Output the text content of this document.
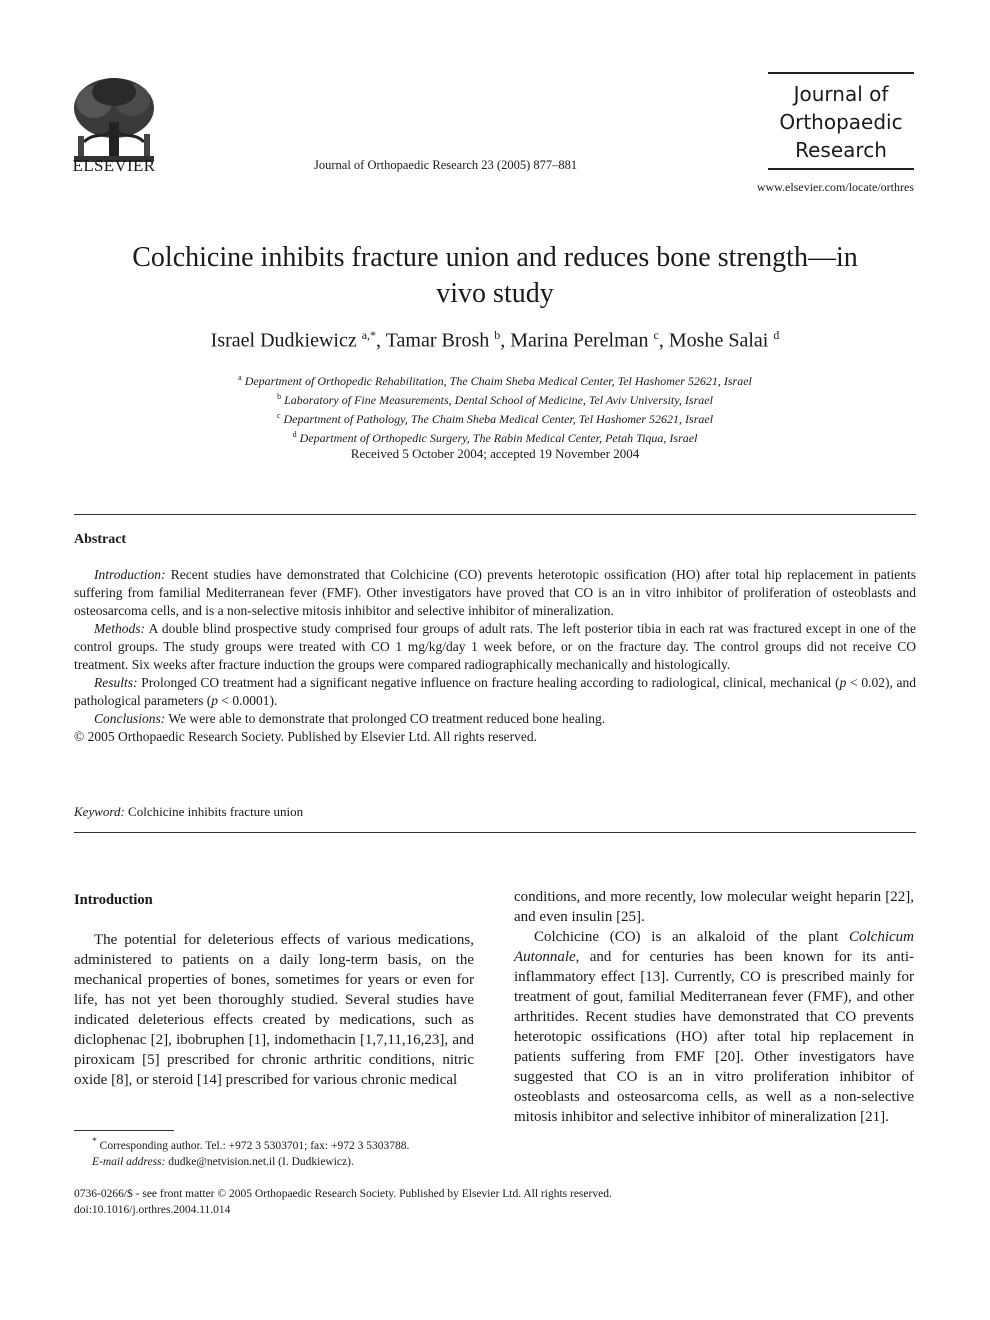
ELSEVIER	Journal of Orthopaedic Research 23 (2005) 877–881
Journal of
Orthopaedic
Research
www.elsevier.com/locate/orthres
Colchicine inhibits fracture union and reduces bone strength—in vivo study
Israel Dudkiewicz $^{a,*}$, Tamar Brosh $^b$, Marina Perelman $^c$, Moshe Salai $^d$
$^a$ Department of Orthopedic Rehabilitation, The Chaim Sheba Medical Center, Tel Hashomer 52621, Israel
$^b$ Laboratory of Fine Measurements, Dental School of Medicine, Tel Aviv University, Israel
$^c$ Department of Pathology, The Chaim Sheba Medical Center, Tel Hashomer 52621, Israel
$^d$ Department of Orthopedic Surgery, The Rabin Medical Center, Petah Tiqua, Israel
Received 5 October 2004; accepted 19 November 2004
Abstract

Introduction: Recent studies have demonstrated that Colchicine (CO) prevents heterotopic ossification (HO) after total hip replacement in patients suffering from familial Mediterranean fever (FMF). Other investigators have proved that CO is an in vitro inhibitor of proliferation of osteoblasts and osteosarcoma cells, and is a non-selective mitosis inhibitor and selective inhibitor of mineralization.

Methods: A double blind prospective study comprised four groups of adult rats. The left posterior tibia in each rat was fractured except in one of the control groups. The study groups were treated with CO 1 mg/kg/day 1 week before, or on the fracture day. The control groups did not receive CO treatment. Six weeks after fracture induction the groups were compared radiographically mechanically and histologically.

Results: Prolonged CO treatment had a significant negative influence on fracture healing according to radiological, clinical, mechanical (p < 0.02), and pathological parameters (p < 0.0001).

Conclusions: We were able to demonstrate that prolonged CO treatment reduced bone healing.

© 2005 Orthopaedic Research Society. Published by Elsevier Ltd. All rights reserved.

Keyword: Colchicine inhibits fracture union

Introduction

The potential for deleterious effects of various medications, administered to patients on a daily long-term basis, on the mechanical properties of bones, sometimes for years or even for life, has not yet been thoroughly studied. Several studies have indicated deleterious effects created by medications, such as diclophenac [2], ibobruphen [1], indomethacin [1,7,11,16,23], and piroxicam [5] prescribed for chronic arthritic conditions, nitric oxide [8], or steroid [14] prescribed for various chronic medical

conditions, and more recently, low molecular weight heparin [22], and even insulin [25].

Colchicine (CO) is an alkaloid of the plant Colchicum Autonnale, and for centuries has been known for its anti-inflammatory effect [13]. Currently, CO is prescribed mainly for treatment of gout, familial Mediterranean fever (FMF), and other arthritides. Recent studies have demonstrated that CO prevents heterotopic ossifications (HO) after total hip replacement in patients suffering from FMF [20]. Other investigators have suggested that CO is an in vitro proliferation inhibitor of osteoblasts and osteosarcoma cells, as well as a non-selective mitosis inhibitor and selective inhibitor of mineralization [21].

* Corresponding author. Tel.: +972 3 5303701; fax: +972 3 5303788.
E-mail address: dudke@netvision.net.il (I. Dudkiewicz).
0736-0266/$ - see front matter © 2005 Orthopaedic Research Society. Published by Elsevier Ltd. All rights reserved.
doi:10.1016/j.orthres.2004.11.014
